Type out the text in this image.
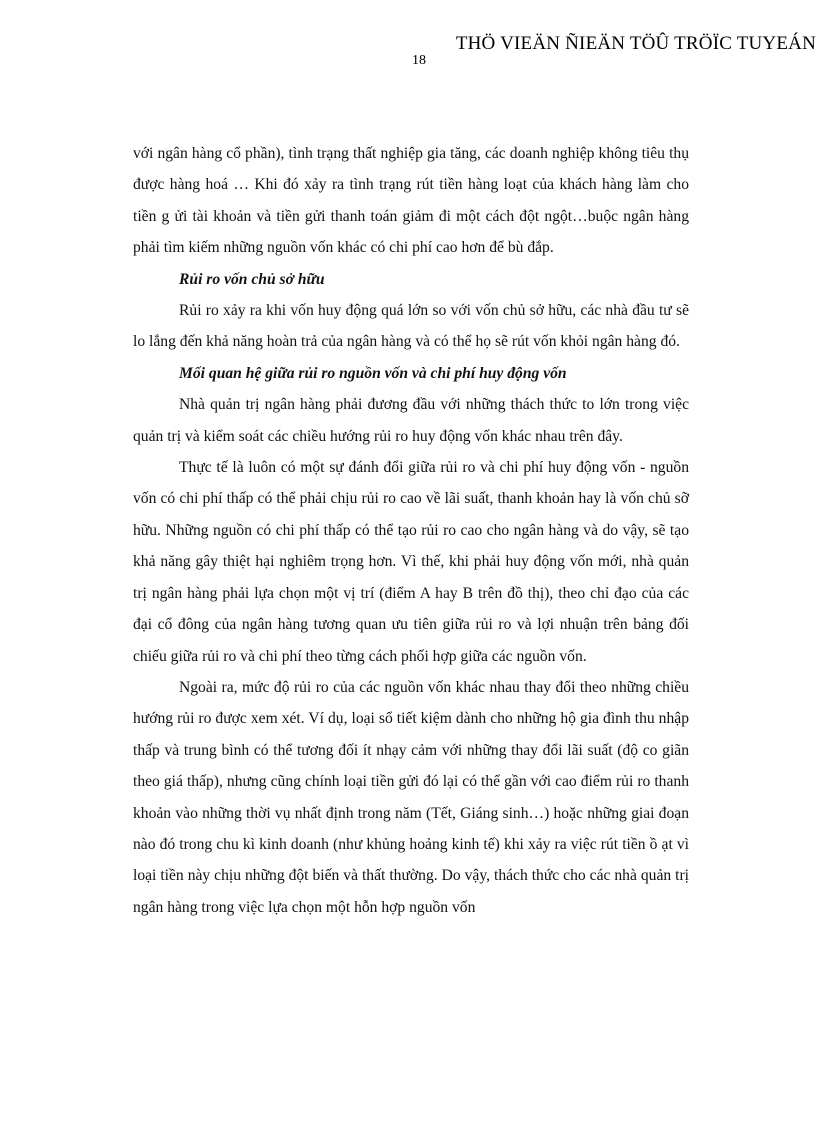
THÖ VIEÄN ÑIEÄN TÖÛ TRÖÏC TUYEÁN
18

với ngân hàng cổ phần), tình trạng thất nghiệp gia tăng, các doanh nghiệp không tiêu thụ được hàng hoá … Khi đó xảy ra tình trạng rút tiền hàng loạt của khách hàng làm cho tiền g ửi tài khoản và tiền gửi thanh toán giảm đi một cách đột ngột…buộc ngân hàng phải tìm kiếm những nguồn vốn khác có chi phí cao hơn để bù đắp.

Rủi ro vốn chủ sở hữu

Rủi ro xảy ra khi vốn huy động quá lớn so với vốn chủ sở hữu, các nhà đầu tư sẽ lo lắng đến khả năng hoàn trả của ngân hàng và có thể họ sẽ rút vốn khỏi ngân hàng đó.

Mối quan hệ giữa rủi ro nguồn vốn và chi phí huy động vốn

Nhà quản trị ngân hàng phải đương đầu với những thách thức to lớn trong việc quản trị và kiểm soát các chiều hướng rủi ro huy động vốn khác nhau trên đây.

Thực tế là luôn có một sự đánh đổi giữa rủi ro và chi phí huy động vốn - nguồn vốn có chi phí thấp có thể phải chịu rủi ro cao về lãi suất, thanh khoản hay là vốn chủ sỡ hữu. Những nguồn có chi phí thấp có thể tạo rủi ro cao cho ngân hàng và do vậy, sẽ tạo khả năng gây thiệt hại nghiêm trọng hơn. Vì thế, khi phải huy động vốn mới, nhà quản trị ngân hàng phải lựa chọn một vị trí (điểm A hay B trên đồ thị), theo chỉ đạo của các đại cổ đông của ngân hàng tương quan ưu tiên giữa rủi ro và lợi nhuận trên bảng đối chiếu giữa rủi ro và chi phí theo từng cách phối hợp giữa các nguồn vốn.

Ngoài ra, mức độ rủi ro của các nguồn vốn khác nhau thay đổi theo những chiều hướng rủi ro được xem xét. Ví dụ, loại sổ tiết kiệm dành cho những hộ gia đình thu nhập thấp và trung bình có thể tương đối ít nhạy cảm với những thay đổi lãi suất (độ co giãn theo giá thấp), nhưng cũng chính loại tiền gửi đó lại có thể gần với cao điểm rủi ro thanh khoản vào những thời vụ nhất định trong năm (Tết, Giáng sinh…) hoặc những giai đoạn nào đó trong chu kì kinh doanh (như khủng hoảng kinh tế) khi xảy ra việc rút tiền ồ ạt vì loại tiền này chịu những đột biến và thất thường. Do vậy, thách thức cho các nhà quản trị ngân hàng trong việc lựa chọn một hỗn hợp nguồn vốn
